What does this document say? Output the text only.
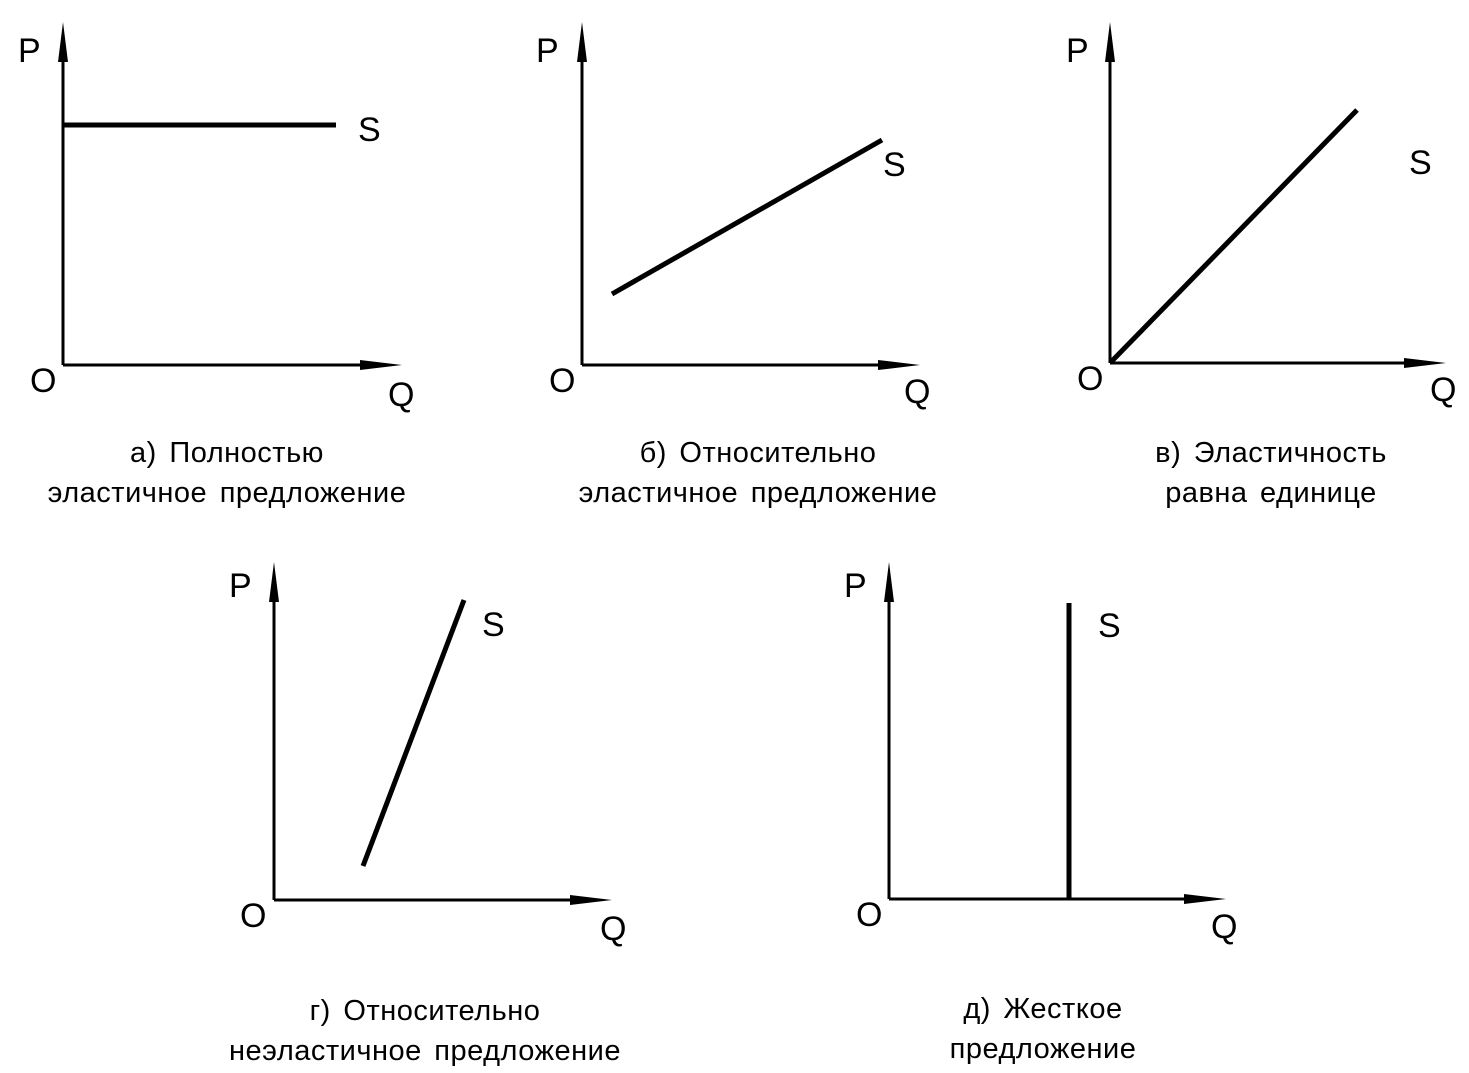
P
Q
O
S
а) Полностью
эластичное предложение
P
Q
O
S
б) Относительно
эластичное предложение
P
Q
O
S
в) Эластичность
равна единице
P
Q
O
S
г) Относительно
неэластичное предложение
P
Q
O
S
д) Жесткое
предложение
